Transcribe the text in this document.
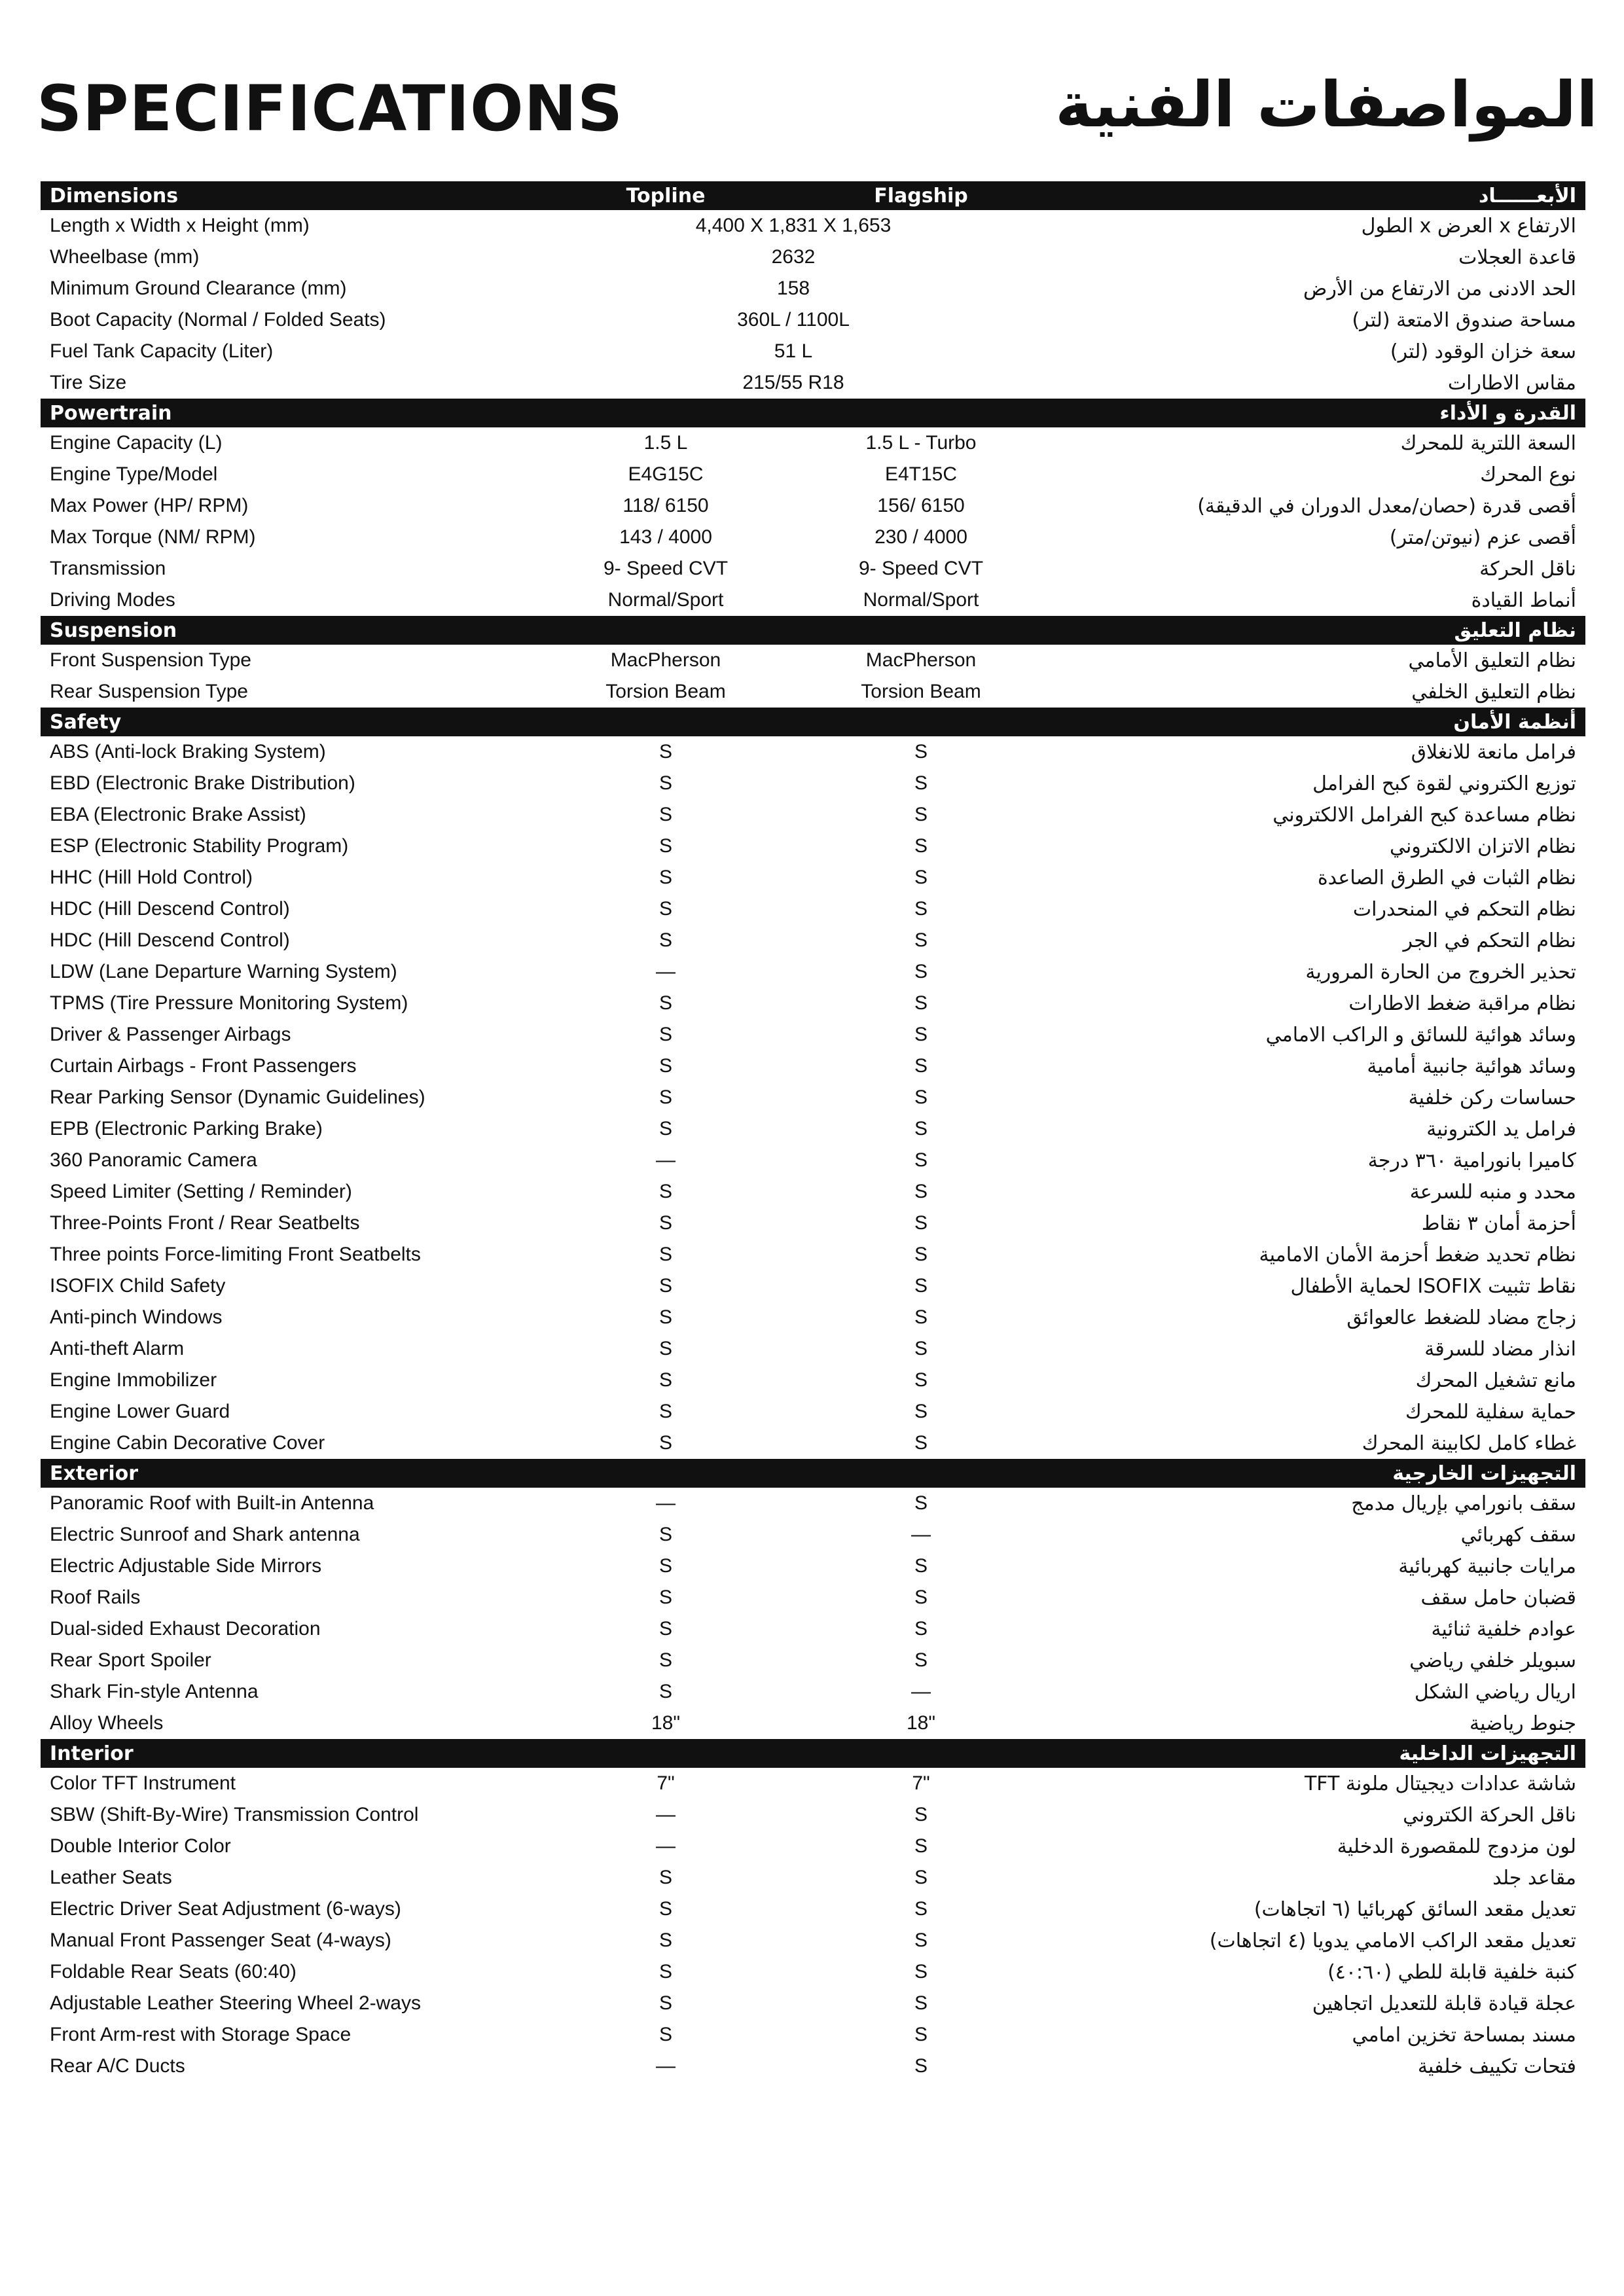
SPECIFICATIONS	المواصفات الفنية
Dimensions	Topline	Flagship	الأبعــــــاد
Length x Width x Height (mm)	4,400 X 1,831 X 1,653	الارتفاع x العرض x الطول
Wheelbase (mm)	2632	قاعدة العجلات
Minimum Ground Clearance (mm)	158	الحد الادنى من الارتفاع من الأرض
Boot Capacity (Normal / Folded Seats)	360L / 1100L	مساحة صندوق الامتعة (لتر)
Fuel Tank Capacity (Liter)	51 L	سعة خزان الوقود (لتر)
Tire Size	215/55 R18	مقاس الاطارات
Powertrain	القدرة و الأداء
Engine Capacity (L)	1.5 L	1.5 L - Turbo	السعة اللترية للمحرك
Engine Type/Model	E4G15C	E4T15C	نوع المحرك
Max Power (HP/ RPM)	118/ 6150	156/ 6150	أقصى قدرة (حصان/معدل الدوران في الدقيقة)
Max Torque (NM/ RPM)	143 / 4000	230 / 4000	أقصى عزم (نيوتن/متر)
Transmission	9- Speed CVT	9- Speed CVT	ناقل الحركة
Driving Modes	Normal/Sport	Normal/Sport	أنماط القيادة
Suspension	نظام التعليق
Front Suspension Type	MacPherson	MacPherson	نظام التعليق الأمامي
Rear Suspension Type	Torsion Beam	Torsion Beam	نظام التعليق الخلفي
Safety	أنظمة الأمان
ABS (Anti-lock Braking System)	S	S	فرامل مانعة للانغلاق
EBD (Electronic Brake Distribution)	S	S	توزيع الكتروني لقوة كبح الفرامل
EBA (Electronic Brake Assist)	S	S	نظام مساعدة كبح الفرامل الالكتروني
ESP (Electronic Stability Program)	S	S	نظام الاتزان الالكتروني
HHC (Hill Hold Control)	S	S	نظام الثبات في الطرق الصاعدة
HDC (Hill Descend Control)	S	S	نظام التحكم في المنحدرات
HDC (Hill Descend Control)	S	S	نظام التحكم في الجر
LDW (Lane Departure Warning System)	—	S	تحذير الخروج من الحارة المرورية
TPMS (Tire Pressure Monitoring System)	S	S	نظام مراقبة ضغط الاطارات
Driver & Passenger Airbags	S	S	وسائد هوائية للسائق و الراكب الامامي
Curtain Airbags - Front Passengers	S	S	وسائد هوائية جانبية أمامية
Rear Parking Sensor (Dynamic Guidelines)	S	S	حساسات ركن خلفية
EPB (Electronic Parking Brake)	S	S	فرامل يد الكترونية
360 Panoramic Camera	—	S	كاميرا بانورامية ٣٦٠ درجة
Speed Limiter (Setting / Reminder)	S	S	محدد و منبه للسرعة
Three-Points Front / Rear Seatbelts	S	S	أحزمة أمان ٣ نقاط
Three points Force-limiting Front Seatbelts	S	S	نظام تحديد ضغط أحزمة الأمان الامامية
ISOFIX Child Safety	S	S	نقاط تثبيت ISOFIX لحماية الأطفال
Anti-pinch Windows	S	S	زجاج مضاد للضغط عالعوائق
Anti-theft Alarm	S	S	انذار مضاد للسرقة
Engine Immobilizer	S	S	مانع تشغيل المحرك
Engine Lower Guard	S	S	حماية سفلية للمحرك
Engine Cabin Decorative Cover	S	S	غطاء كامل لكابينة المحرك
Exterior	التجهيزات الخارجية
Panoramic Roof with Built-in Antenna	—	S	سقف بانورامي بإريال مدمج
Electric Sunroof and Shark antenna	S	—	سقف كهربائي
Electric Adjustable Side Mirrors	S	S	مرايات جانبية كهربائية
Roof Rails	S	S	قضبان حامل سقف
Dual-sided Exhaust Decoration	S	S	عوادم خلفية ثنائية
Rear Sport Spoiler	S	S	سبويلر خلفي رياضي
Shark Fin-style Antenna	S	—	اريال رياضي الشكل
Alloy Wheels	18"	18"	جنوط رياضية
Interior	التجهيزات الداخلية
Color TFT Instrument	7"	7"	شاشة عدادات ديجيتال ملونة TFT
SBW (Shift-By-Wire) Transmission Control	—	S	ناقل الحركة الكتروني
Double Interior Color	—	S	لون مزدوج للمقصورة الدخلية
Leather Seats	S	S	مقاعد جلد
Electric Driver Seat Adjustment (6-ways)	S	S	تعديل مقعد السائق كهربائيا (٦ اتجاهات)
Manual Front Passenger Seat (4-ways)	S	S	تعديل مقعد الراكب الامامي يدويا (٤ اتجاهات)
Foldable Rear Seats (60:40)	S	S	كنبة خلفية قابلة للطي (٤٠:٦٠)
Adjustable Leather Steering Wheel 2-ways	S	S	عجلة قيادة قابلة للتعديل اتجاهين
Front Arm-rest with Storage Space	S	S	مسند بمساحة تخزين امامي
Rear A/C Ducts	—	S	فتحات تكييف خلفية
